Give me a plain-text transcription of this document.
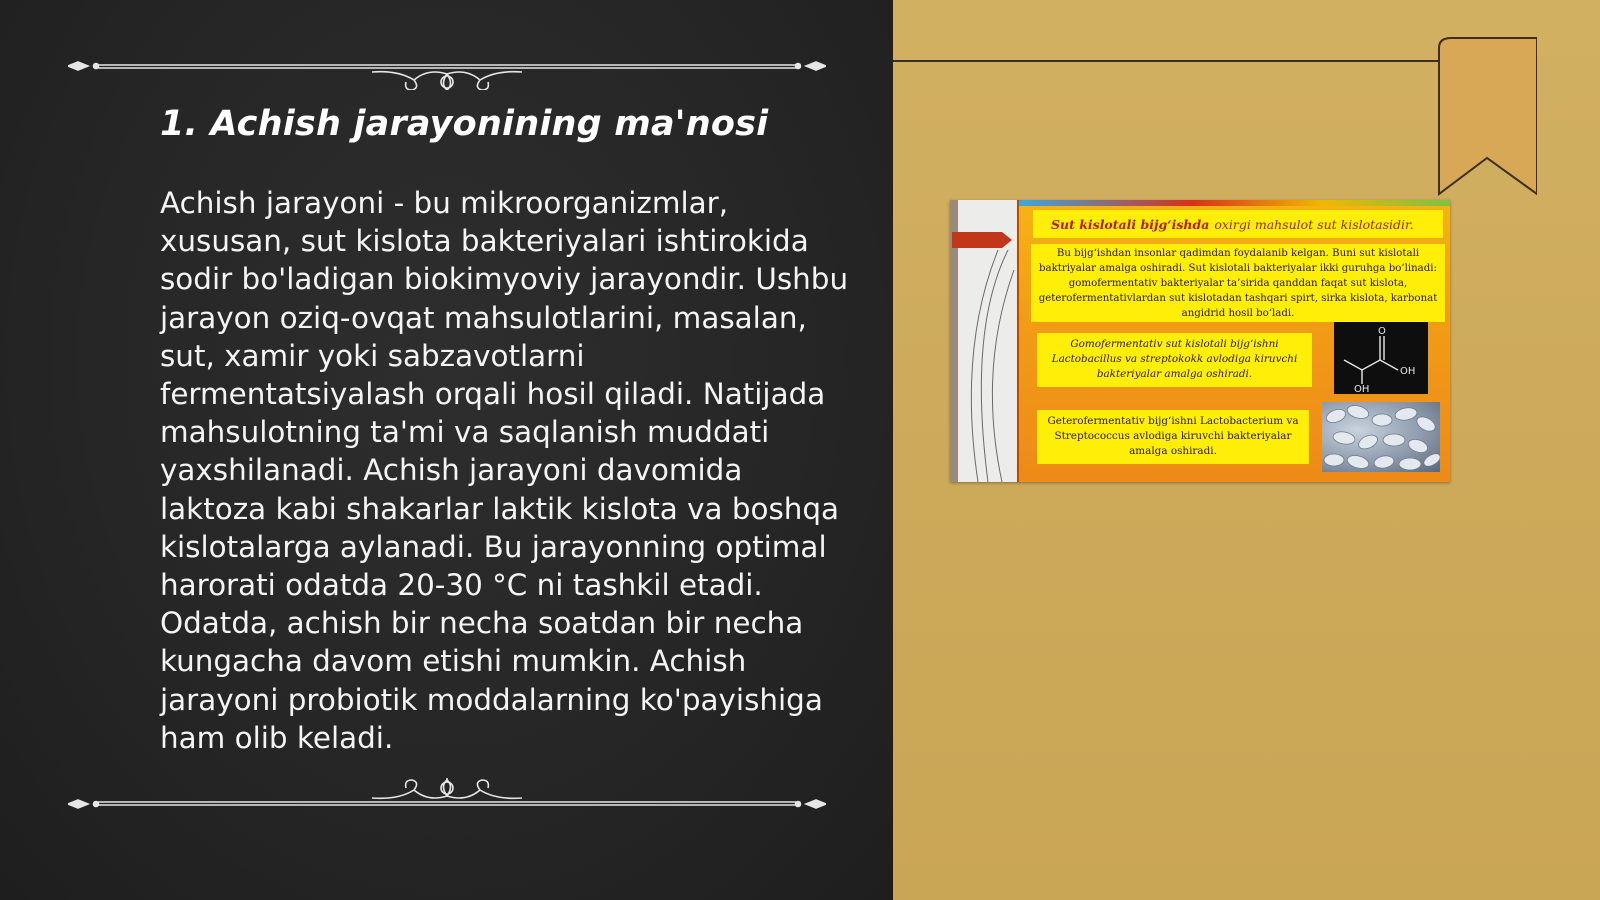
1. Achish jarayonining ma'nosi

Achish jarayoni - bu mikroorganizmlar, xususan, sut kislota bakteriyalari ishtirokida sodir bo'ladigan biokimyoviy jarayondir. Ushbu jarayon oziq-ovqat mahsulotlarini, masalan, sut, xamir yoki sabzavotlarni fermentatsiyalash orqali hosil qiladi. Natijada mahsulotning ta'mi va saqlanish muddati yaxshilanadi. Achish jarayoni davomida laktoza kabi shakarlar laktik kislota va boshqa kislotalarga aylanadi. Bu jarayonning optimal harorati odatda 20-30 °C ni tashkil etadi. Odatda, achish bir necha soatdan bir necha kungacha davom etishi mumkin. Achish jarayoni probiotik moddalarning ko'payishiga ham olib keladi.

Sut kislotali bijg‘ishda oxirgi mahsulot sut kislotasidir.
Bu bijg‘ishdan insonlar qadimdan foydalanib kelgan. Buni sut kislotali baktriyalar amalga oshiradi. Sut kislotali bakteriyalar ikki guruhga bo‘linadi: gomofermentativ bakteriyalar ta’sirida qanddan faqat sut kislota, geterofermentativlardan sut kislotadan tashqari spirt, sirka kislota, karbonat angidrid hosil bo‘ladi.
Gomofermentativ sut kislotali bijg‘ishni Lactobacillus va streptokokk avlodiga kiruvchi bakteriyalar amalga oshiradi.
Geterofermentativ bijg‘ishni Lactobacterium va Streptococcus avlodiga kiruvchi bakteriyalar amalga oshiradi.
O
OH
OH
